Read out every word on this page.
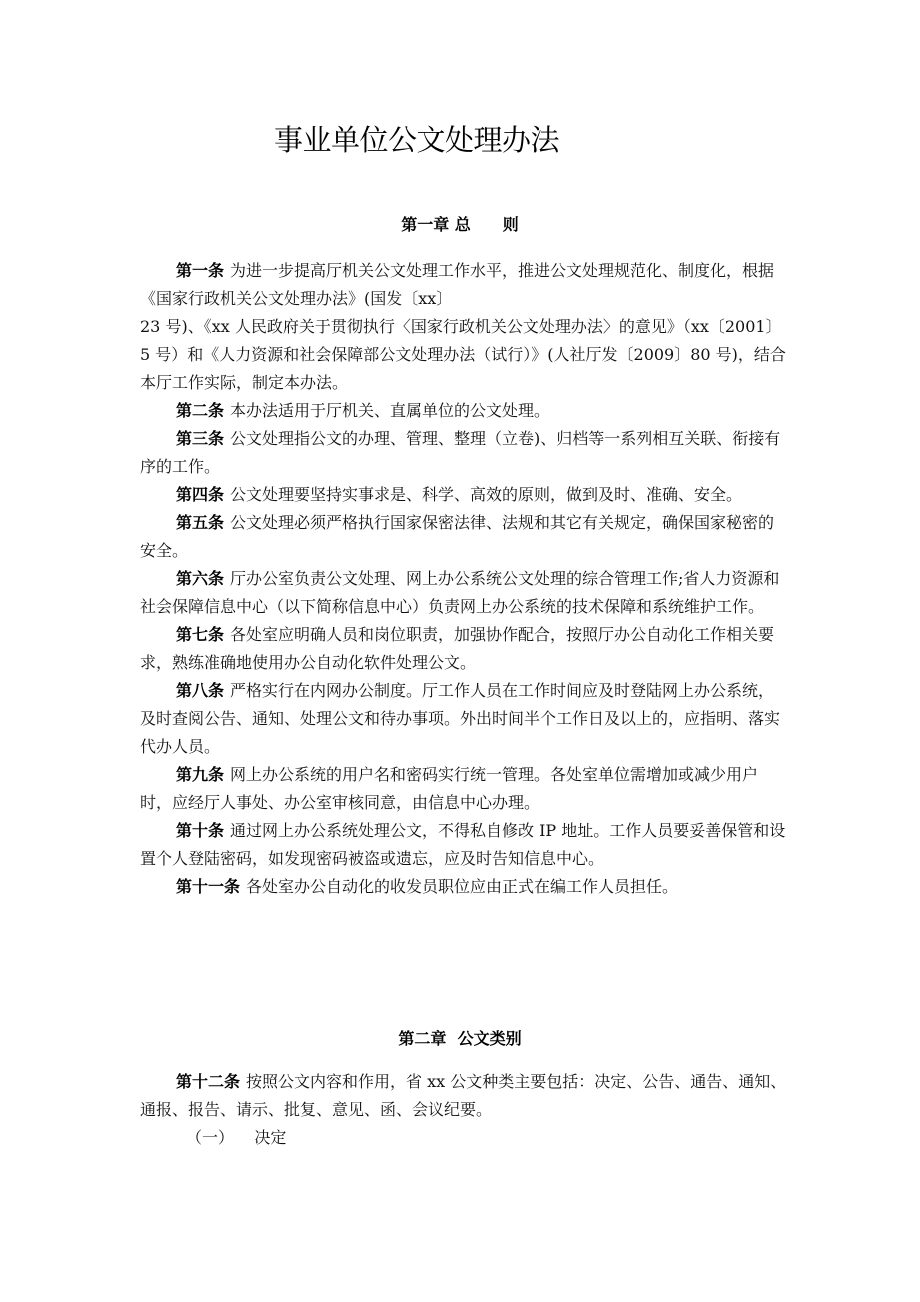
事业单位公文处理办法
第一章 总　　则

第一条 为进一步提高厅机关公文处理工作水平，推进公文处理规范化、制度化，根据《国家行政机关公文处理办法》(国发〔xx〕
23 号)、《xx 人民政府关于贯彻执行〈国家行政机关公文处理办法〉的意见》（xx〔2001〕5 号）和《人力资源和社会保障部公文处理办法（试行）》(人社厅发〔2009〕80 号)，结合本厅工作实际，制定本办法。

第二条 本办法适用于厅机关、直属单位的公文处理。

第三条 公文处理指公文的办理、管理、整理（立卷)、归档等一系列相互关联、衔接有序的工作。

第四条 公文处理要坚持实事求是、科学、高效的原则，做到及时、准确、安全。

第五条 公文处理必须严格执行国家保密法律、法规和其它有关规定，确保国家秘密的安全。

第六条 厅办公室负责公文处理、网上办公系统公文处理的综合管理工作;省人力资源和社会保障信息中心（以下简称信息中心）负责网上办公系统的技术保障和系统维护工作。

第七条 各处室应明确人员和岗位职责，加强协作配合，按照厅办公自动化工作相关要求，熟练准确地使用办公自动化软件处理公文。

第八条 严格实行在内网办公制度。厅工作人员在工作时间应及时登陆网上办公系统，及时查阅公告、通知、处理公文和待办事项。外出时间半个工作日及以上的，应指明、落实代办人员。

第九条 网上办公系统的用户名和密码实行统一管理。各处室单位需增加或减少用户时，应经厅人事处、办公室审核同意，由信息中心办理。

第十条 通过网上办公系统处理公文，不得私自修改 IP 地址。工作人员要妥善保管和设置个人登陆密码，如发现密码被盗或遗忘，应及时告知信息中心。

第十一条 各处室办公自动化的收发员职位应由正式在编工作人员担任。

第二章  公文类别

第十二条 按照公文内容和作用，省 xx 公文种类主要包括：决定、公告、通告、通知、通报、报告、请示、批复、意见、函、会议纪要。

（一） 决定
